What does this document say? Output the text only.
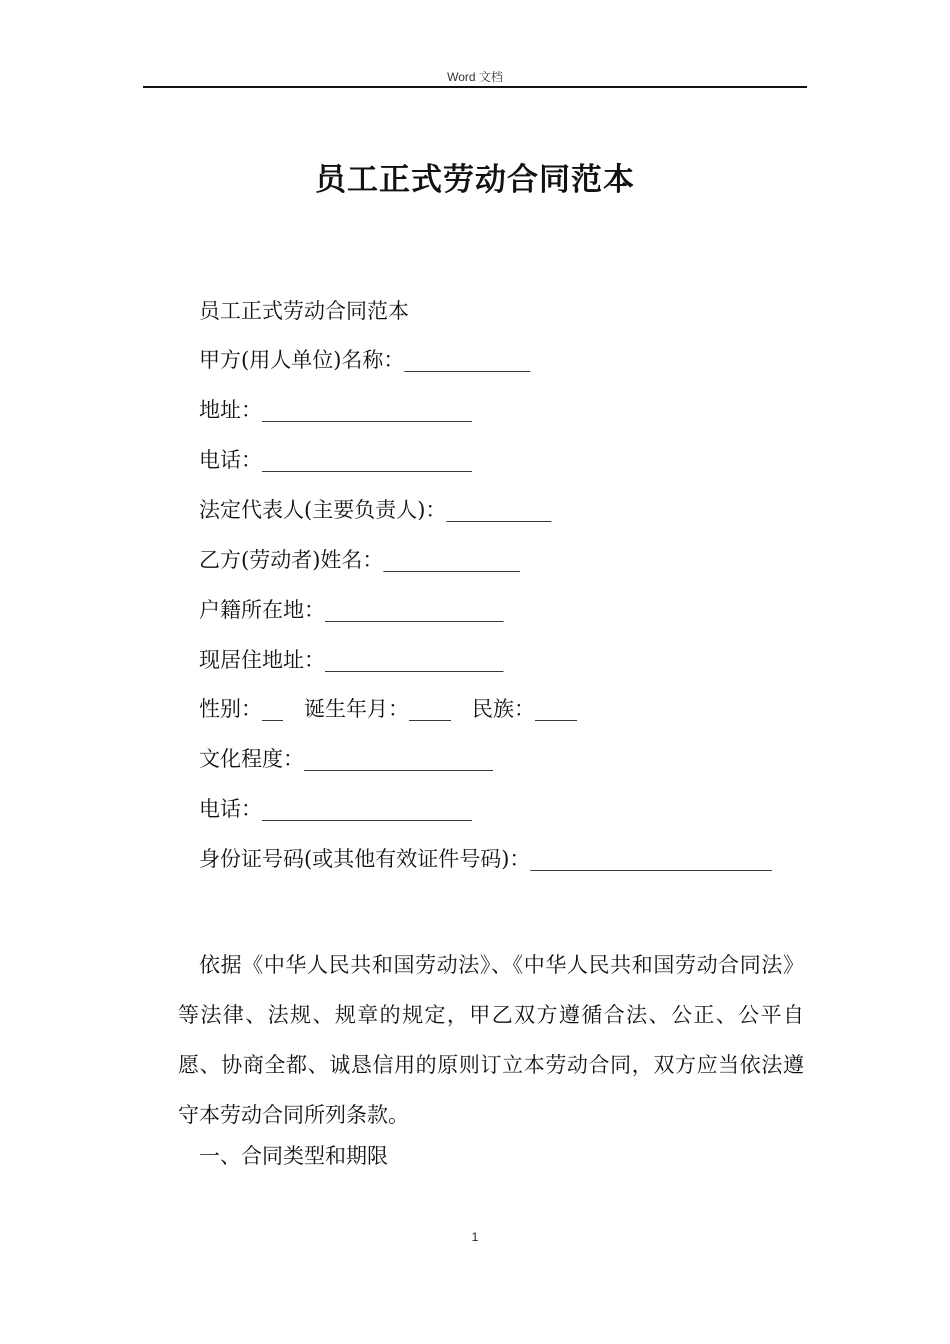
Word 文档
员工正式劳动合同范本
员工正式劳动合同范本
甲方(用人单位)名称：____________
地址：____________________
电话：____________________
法定代表人(主要负责人)：__________
乙方(劳动者)姓名：_____________
户籍所在地：_________________
现居住地址：_________________
性别：__　诞生年月：____　民族：____
文化程度：__________________
电话：____________________
身份证号码(或其他有效证件号码)：_______________________

依据《中华人民共和国劳动法》、《中华人民共和国劳动合同法》等法律、法规、规章的规定，甲乙双方遵循合法、公正、公平自愿、协商全都、诚恳信用的原则订立本劳动合同，双方应当依法遵守本劳动合同所列条款。

一、合同类型和期限
1
